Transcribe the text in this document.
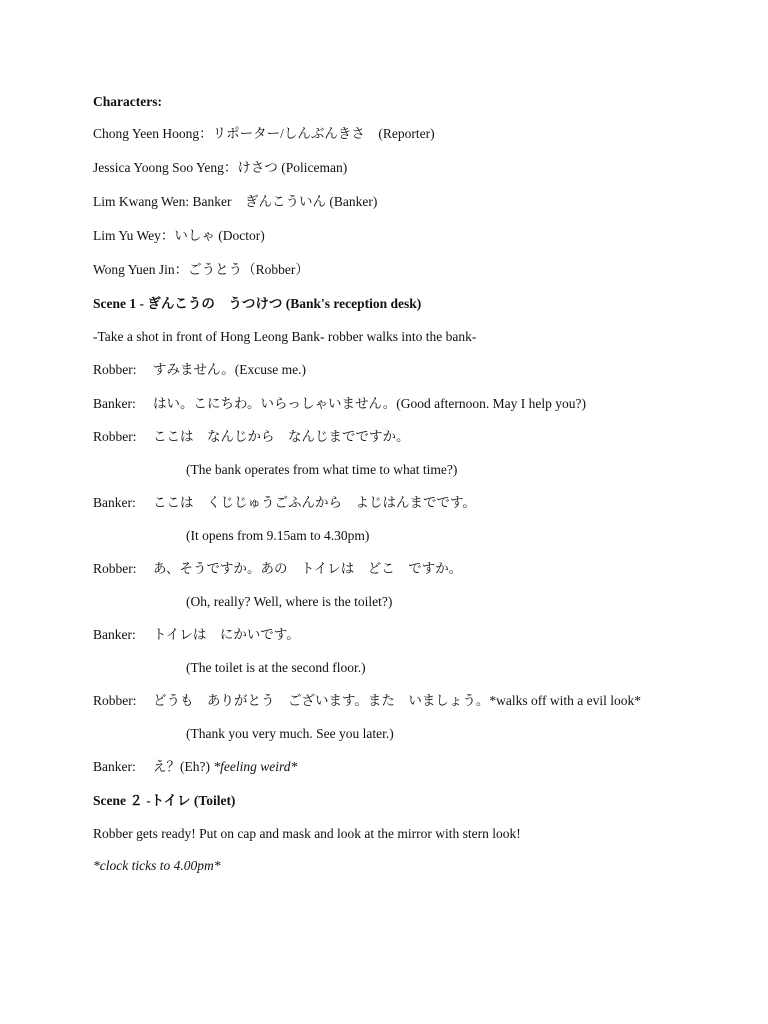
Characters:
Chong Yeen Hoong：リポーター/しんぶんきさ　(Reporter)
Jessica Yoong Soo Yeng：けさつ (Policeman)
Lim Kwang Wen: Banker　ぎんこういん (Banker)
Lim Yu Wey：いしゃ (Doctor)
Wong Yuen Jin：ごうとう（Robber）
Scene 1 - ぎんこうの　うつけつ (Bank's reception desk)
-Take a shot in front of Hong Leong Bank- robber walks into the bank-
Robber: すみません。(Excuse me.)
Banker: はい。こにちわ。いらっしゃいません。(Good afternoon. May I help you?)
Robber: ここは　なんじから　なんじまでですか。
(The bank operates from what time to what time?)
Banker: ここは　くじじゅうごふんから　よじはんまでです。
(It opens from 9.15am to 4.30pm)
Robber: あ、そうですか。あの　トイレは　どこ　ですか。
(Oh, really? Well, where is the toilet?)
Banker: トイレは　にかいです。
(The toilet is at the second floor.)
Robber: どうも　ありがとう　ございます。また　いましょう。*walks off with a evil look*
(Thank you very much. See you later.)
Banker: え？(Eh?) *feeling weird*
Scene ２ -トイレ (Toilet)
Robber gets ready! Put on cap and mask and look at the mirror with stern look!
*clock ticks to 4.00pm*
